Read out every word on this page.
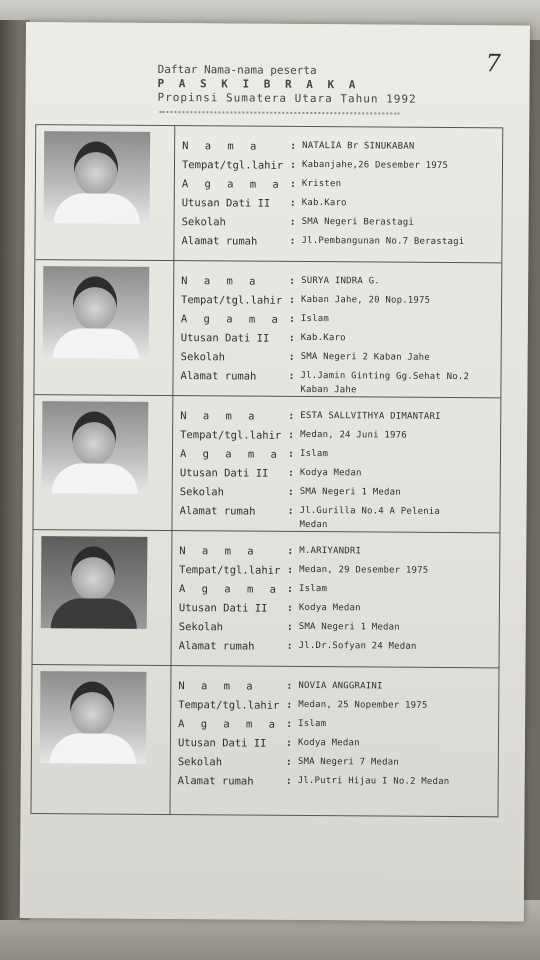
7
Daftar Nama-nama peserta
P A S K I B R A K A
Propinsi Sumatera Utara Tahun 1992
N a m a	: NATALIA Br SINUKABAN
Tempat/tgl.lahir : Kabanjahe,26 Desember 1975
A g a m a : Kristen
Utusan Dati II : Kab.Karo
Sekolah	: SMA Negeri Berastagi
Alamat rumah	: Jl.Pembangunan No.7 Berastagi
N a m a	: SURYA INDRA G.
Tempat/tgl.lahir : Kaban Jahe, 20 Nop.1975
A g a m a : Islam
Utusan Dati II : Kab.Karo
Sekolah	: SMA Negeri 2 Kaban Jahe
Alamat rumah	: Jl.Jamin Ginting Gg.Sehat No.2
Kaban Jahe
N a m a	: ESTA SALLVITHYA DIMANTARI
Tempat/tgl.lahir : Medan, 24 Juni 1976
A g a m a : Islam
Utusan Dati II : Kodya Medan
Sekolah	: SMA Negeri 1 Medan
Alamat rumah	: Jl.Gurilla No.4 A Pelenia
Medan
N a m a	: M.ARIYANDRI
Tempat/tgl.lahir : Medan, 29 Desember 1975
A g a m a : Islam
Utusan Dati II : Kodya Medan
Sekolah	: SMA Negeri 1 Medan
Alamat rumah	: Jl.Dr.Sofyan 24 Medan
N a m a	: NOVIA ANGGRAINI
Tempat/tgl.lahir : Medan, 25 Nopember 1975
A g a m a : Islam
Utusan Dati II : Kodya Medan
Sekolah	: SMA Negeri 7 Medan
Alamat rumah	: Jl.Putri Hijau I No.2 Medan
